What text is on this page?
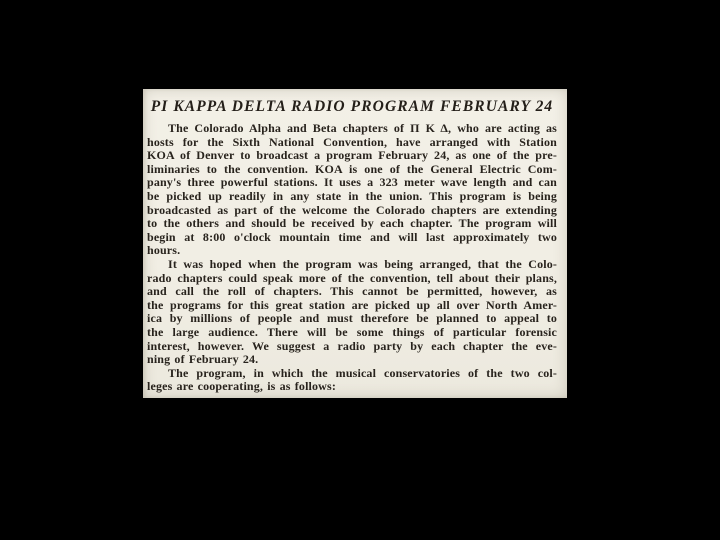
PI KAPPA DELTA RADIO PROGRAM FEBRUARY 24
The Colorado Alpha and Beta chapters of Π Κ Δ, who are acting as
hosts for the Sixth National Convention, have arranged with Station
KOA of Denver to broadcast a program February 24, as one of the pre-
liminaries to the convention. KOA is one of the General Electric Com-
pany's three powerful stations. It uses a 323 meter wave length and can
be picked up readily in any state in the union. This program is being
broadcasted as part of the welcome the Colorado chapters are extending
to the others and should be received by each chapter. The program will
begin at 8:00 o'clock mountain time and will last approximately two
hours.
It was hoped when the program was being arranged, that the Colo-
rado chapters could speak more of the convention, tell about their plans,
and call the roll of chapters. This cannot be permitted, however, as
the programs for this great station are picked up all over North Amer-
ica by millions of people and must therefore be planned to appeal to
the large audience. There will be some things of particular forensic
interest, however. We suggest a radio party by each chapter the eve-
ning of February 24.
The program, in which the musical conservatories of the two col-
leges are cooperating, is as follows:
